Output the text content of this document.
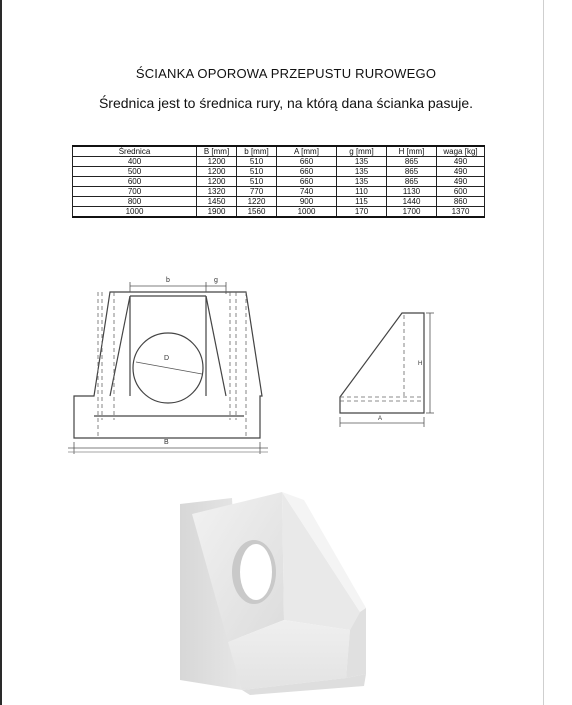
ŚCIANKA OPOROWA PRZEPUSTU RUROWEGO
Średnica jest to średnica rury, na którą dana ścianka pasuje.
Średnica	B [mm]	b [mm]	A [mm]	g [mm]	H [mm]	waga [kg]
400	1200	510	660	135	865	490
500	1200	510	660	135	865	490
600	1200	510	660	135	865	490
700	1320	770	740	110	1130	600
800	1450	1220	900	115	1440	860
1000	1900	1560	1000	170	1700	1370
b	g
D
B
H
A
